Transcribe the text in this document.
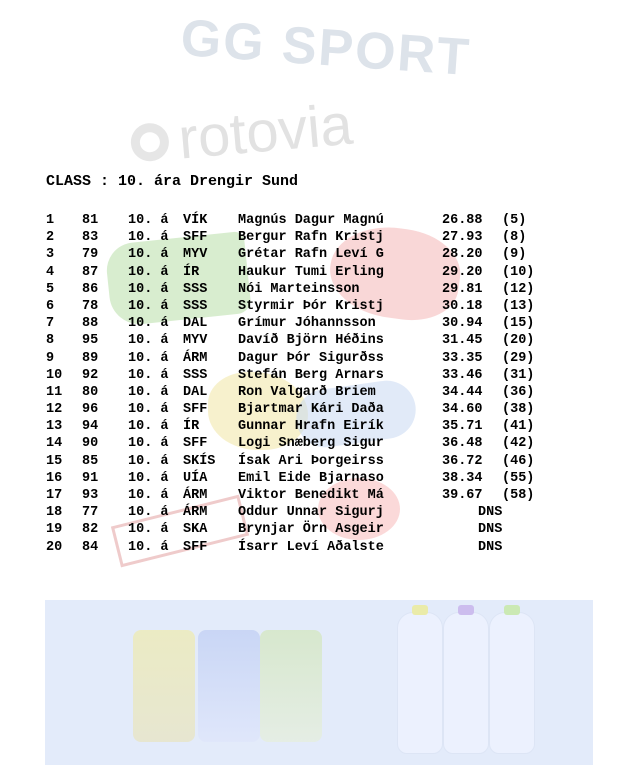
GG SPORT
rotovia
CLASS : 10. ára Drengir Sund
1 81 10. á VÍK Magnús Dagur Magnú	26.88 (5)
2 83 10. á SFF Bergur Rafn Kristj	27.93 (8)
3 79 10. á MYV Grétar Rafn Leví G	28.20 (9)
4 87 10. á ÍR	Haukur Tumi Erling	29.20 (10)
5 86 10. á SSS Nói Marteinsson	29.81 (12)
6 78 10. á SSS Styrmir Þór Kristj	30.18 (13)
7 88 10. á DAL Grímur Jóhannsson	30.94 (15)
8 95 10. á MYV Davíð Björn Héðins	31.45 (20)
9 89 10. á ÁRM Dagur Þór Sigurðss	33.35 (29)
10 92 10. á SSS Stefán Berg Arnars	33.46 (31)
11 80 10. á DAL Ron Valgarð Briem	34.44 (36)
12 96 10. á SFF Bjartmar Kári Daða	34.60 (38)
13 94 10. á ÍR	Gunnar Hrafn Eirík	35.71 (41)
14 90 10. á SFF Logi Snæberg Sigur	36.48 (42)
15 85 10. á SKÍS Ísak Ari Þorgeirss	36.72 (46)
16 91 10. á UÍA Emil Eide Bjarnaso	38.34 (55)
17 93 10. á ÁRM Viktor Benedikt Má	39.67 (58)
18 77 10. á ÁRM Oddur Unnar Sigurj	DNS
19 82 10. á SKA Brynjar Örn Asgeir	DNS
20 84 10. á SFF Ísarr Leví Aðalste	DNS
